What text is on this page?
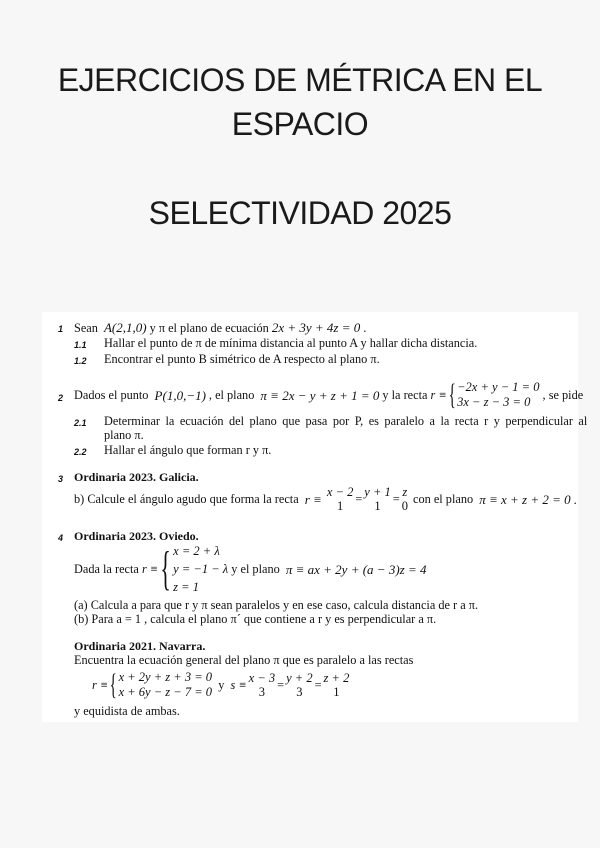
EJERCICIOS DE MÉTRICA EN EL
ESPACIO
SELECTIVIDAD 2025
1 Sean A(2,1,0) y π el plano de ecuación 2x + 3y + 4z = 0 .
1.1 Hallar el punto de π de mínima distancia al punto A y hallar dicha distancia.
1.2 Encontrar el punto B simétrico de A respecto al plano π.
2 Dados el punto
P(1,0,−1) , el plano
π ≡ 2x − y + z + 1 = 0 y la recta
r ≡ { −2x + y − 1 = 0
3x − z − 3 = 0

, se pide
2.1 Determinar la ecuación del plano que pasa por P, es paralelo a la recta r y perpendicular al
plano π.
2.2 Hallar el ángulo que forman r y π.
3 Ordinaria 2023. Galicia.
b) Calcule el ángulo agudo que forma la recta
r ≡ x − 2
1
= y + 1
1
= z
0

con el plano
π ≡ x + z + 2 = 0 .
4 Ordinaria 2023. Oviedo.
Dada la recta
r ≡ { x = 2 + λ
y = −1 − λ
z = 1

y el plano
π ≡ ax + 2y + (a − 3)z = 4
(a) Calcula a para que r y π sean paralelos y en ese caso, calcula distancia de r a π.
(b) Para a = 1 , calcula el plano π´ que contiene a r y es perpendicular a π.
Ordinaria 2021. Navarra.
Encuentra la ecuación general del plano π que es paralelo a las rectas
r ≡ { x + 2y + z + 3 = 0
x + 6y − z − 7 = 0

y
s ≡ x − 3
3
= y + 2
3
= z + 2
1
y equidista de ambas.
